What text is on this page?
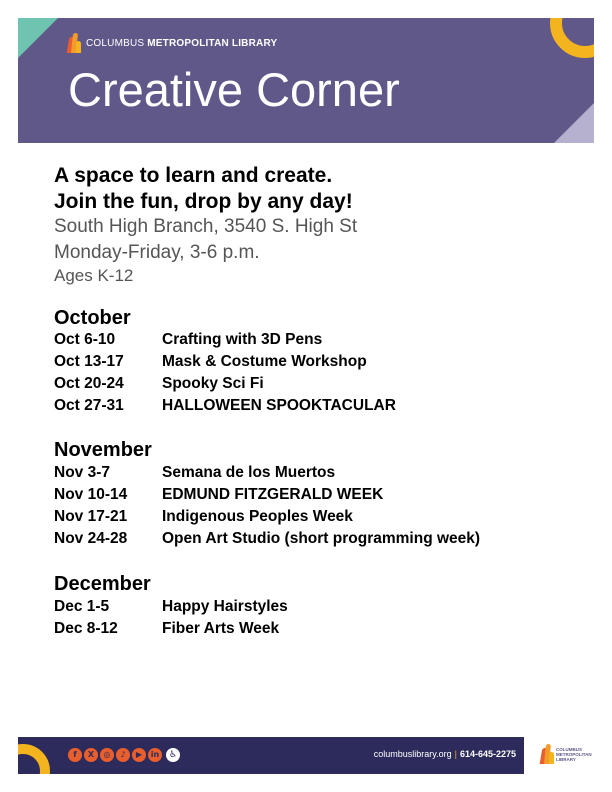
COLUMBUS METROPOLITAN LIBRARY
Creative Corner

A space to learn and create.

Join the fun, drop by any day!

South High Branch, 3540 S. High St

Monday-Friday, 3-6 p.m.

Ages K-12

October

Oct 6-10	Crafting with 3D Pens
Oct 13-17 Mask & Costume Workshop
Oct 20-24 Spooky Sci Fi
Oct 27-31 HALLOWEEN SPOOKTACULAR

November

Nov 3-7	Semana de los Muertos
Nov 10-14 EDMUND FITZGERALD WEEK
Nov 17-21 Indigenous Peoples Week
Nov 24-28 Open Art Studio (short programming week)

December

Dec 1-5	Happy Hairstyles
Dec 8-12	Fiber Arts Week
f	X	◎	♪	▶	in	♿	columbuslibrary.org | 614-645-2275	COLUMBUS METROPOLITAN LIBRARY
